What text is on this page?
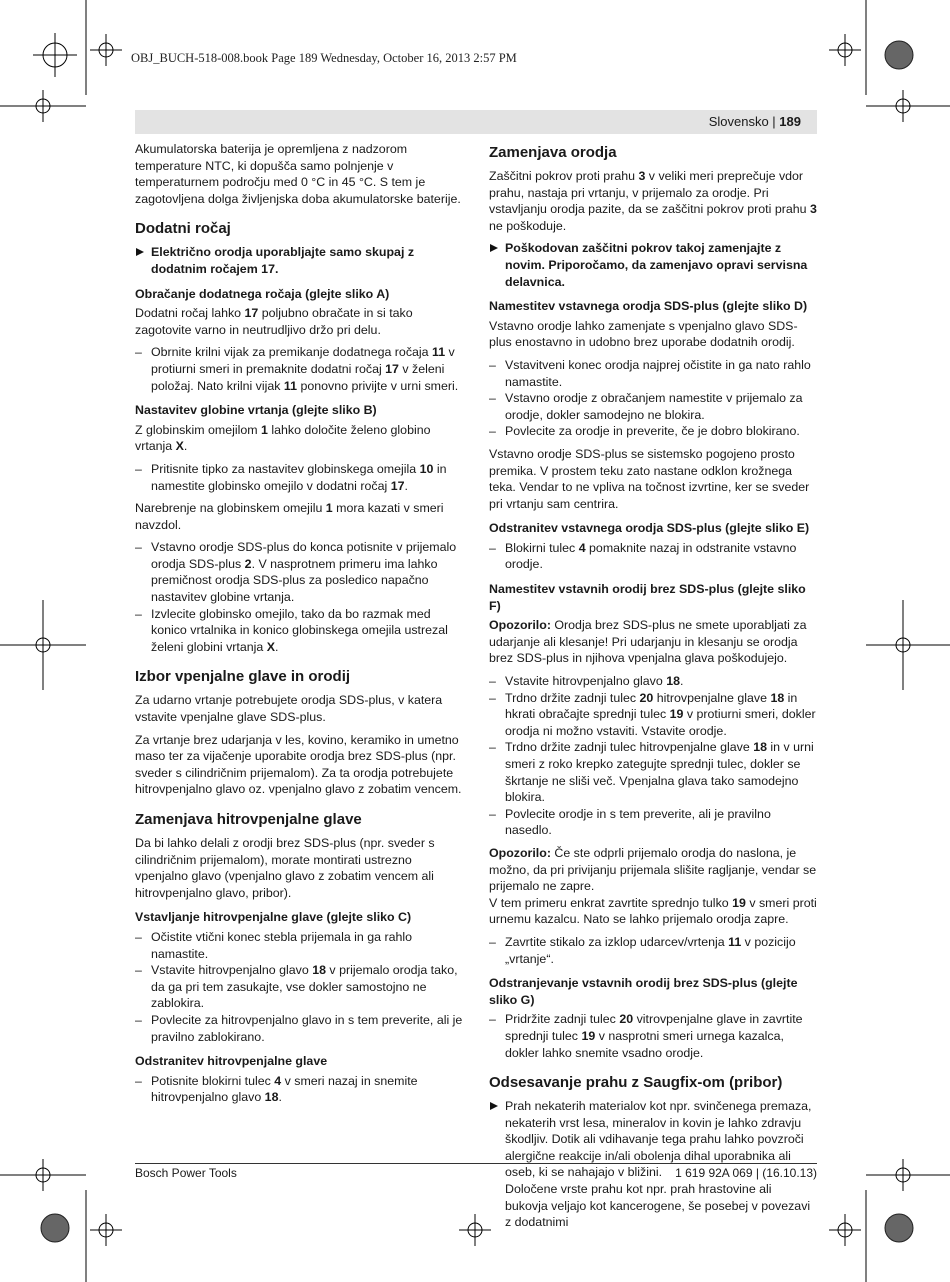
OBJ_BUCH-518-008.book Page 189 Wednesday, October 16, 2013 2:57 PM
Slovensko | 189

Akumulatorska baterija je opremljena z nadzorom temperature NTC, ki dopušča samo polnjenje v temperaturnem področju med 0 °C in 45 °C. S tem je zagotovljena dolga življenjska doba akumulatorske baterije.

Dodatni ročaj
Električno orodja uporabljajte samo skupaj z dodatnim ročajem 17.
Obračanje dodatnega ročaja (glejte sliko A)

Dodatni ročaj lahko 17 poljubno obračate in si tako zagotovite varno in neutrudljivo držo pri delu.

– Obrnite krilni vijak za premikanje dodatnega ročaja 11 v protiurni smeri in premaknite dodatni ročaj 17 v želeni položaj. Nato krilni vijak 11 ponovno privijte v urni smeri.
Nastavitev globine vrtanja (glejte sliko B)

Z globinskim omejilom 1 lahko določite želeno globino vrtanja X.

– Pritisnite tipko za nastavitev globinskega omejila 10 in namestite globinsko omejilo v dodatni ročaj 17.

Narebrenje na globinskem omejilu 1 mora kazati v smeri navzdol.

– Vstavno orodje SDS-plus do konca potisnite v prijemalo orodja SDS-plus 2. V nasprotnem primeru ima lahko premičnost orodja SDS-plus za posledico napačno nastavitev globine vrtanja.
– Izvlecite globinsko omejilo, tako da bo razmak med konico vrtalnika in konico globinskega omejila ustrezal želeni globini vrtanja X.
Izbor vpenjalne glave in orodij

Za udarno vrtanje potrebujete orodja SDS-plus, v katera vstavite vpenjalne glave SDS-plus.

Za vrtanje brez udarjanja v les, kovino, keramiko in umetno maso ter za vijačenje uporabite orodja brez SDS-plus (npr. sveder s cilindričnim prijemalom). Za ta orodja potrebujete hitrovpenjalno glavo oz. vpenjalno glavo z zobatim vencem.

Zamenjava hitrovpenjalne glave

Da bi lahko delali z orodji brez SDS-plus (npr. sveder s cilindričnim prijemalom), morate montirati ustrezno vpenjalno glavo (vpenjalno glavo z zobatim vencem ali hitrovpenjalno glavo, pribor).

Vstavljanje hitrovpenjalne glave (glejte sliko C)
– Očistite vtični konec stebla prijemala in ga rahlo namastite.
– Vstavite hitrovpenjalno glavo 18 v prijemalo orodja tako, da ga pri tem zasukajte, vse dokler samostojno ne zablokira.
– Povlecite za hitrovpenjalno glavo in s tem preverite, ali je pravilno zablokirano.
Odstranitev hitrovpenjalne glave
– Potisnite blokirni tulec 4 v smeri nazaj in snemite hitrovpenjalno glavo 18.
Zamenjava orodja

Zaščitni pokrov proti prahu 3 v veliki meri preprečuje vdor prahu, nastaja pri vrtanju, v prijemalo za orodje. Pri vstavljanju orodja pazite, da se zaščitni pokrov proti prahu 3 ne poškoduje.

Poškodovan zaščitni pokrov takoj zamenjajte z novim. Priporočamo, da zamenjavo opravi servisna delavnica.
Namestitev vstavnega orodja SDS-plus (glejte sliko D)

Vstavno orodje lahko zamenjate s vpenjalno glavo SDS-plus enostavno in udobno brez uporabe dodatnih orodij.

– Vstavitveni konec orodja najprej očistite in ga nato rahlo namastite.
– Vstavno orodje z obračanjem namestite v prijemalo za orodje, dokler samodejno ne blokira.
– Povlecite za orodje in preverite, če je dobro blokirano.

Vstavno orodje SDS-plus se sistemsko pogojeno prosto premika. V prostem teku zato nastane odklon krožnega teka. Vendar to ne vpliva na točnost izvrtine, ker se sveder pri vrtanju sam centrira.

Odstranitev vstavnega orodja SDS-plus (glejte sliko E)
– Blokirni tulec 4 pomaknite nazaj in odstranite vstavno orodje.
Namestitev vstavnih orodij brez SDS-plus (glejte sliko F)

Opozorilo: Orodja brez SDS-plus ne smete uporabljati za udarjanje ali klesanje! Pri udarjanju in klesanju se orodja brez SDS-plus in njihova vpenjalna glava poškodujejo.

– Vstavite hitrovpenjalno glavo 18.
– Trdno držite zadnji tulec 20 hitrovpenjalne glave 18 in hkrati obračajte sprednji tulec 19 v protiurni smeri, dokler orodja ni možno vstaviti. Vstavite orodje.
– Trdno držite zadnji tulec hitrovpenjalne glave 18 in v urni smeri z roko krepko zategujte sprednji tulec, dokler se škrtanje ne sliši več. Vpenjalna glava tako samodejno blokira.
– Povlecite orodje in s tem preverite, ali je pravilno nasedlo.

Opozorilo: Če ste odprli prijemalo orodja do naslona, je možno, da pri privijanju prijemala slišite ragljanje, vendar se prijemalo ne zapre.

V tem primeru enkrat zavrtite sprednjo tulko 19 v smeri proti urnemu kazalcu. Nato se lahko prijemalo orodja zapre.

– Zavrtite stikalo za izklop udarcev/vrtenja 11 v pozicijo „vrtanje“.
Odstranjevanje vstavnih orodij brez SDS-plus (glejte sliko G)
– Pridržite zadnji tulec 20 vitrovpenjalne glave in zavrtite sprednji tulec 19 v nasprotni smeri urnega kazalca, dokler lahko snemite vsadno orodje.
Odsesavanje prahu z Saugfix-om (pribor)
Prah nekaterih materialov kot npr. svinčenega premaza, nekaterih vrst lesa, mineralov in kovin je lahko zdravju škodljiv. Dotik ali vdihavanje tega prahu lahko povzroči alergične reakcije in/ali obolenja dihal uporabnika ali oseb, ki se nahajajo v bližini.

Določene vrste prahu kot npr. prah hrastovine ali bukovja veljajo kot kancerogene, še posebej v povezavi z dodatnimi

Bosch Power Tools	1 619 92A 069 | (16.10.13)
